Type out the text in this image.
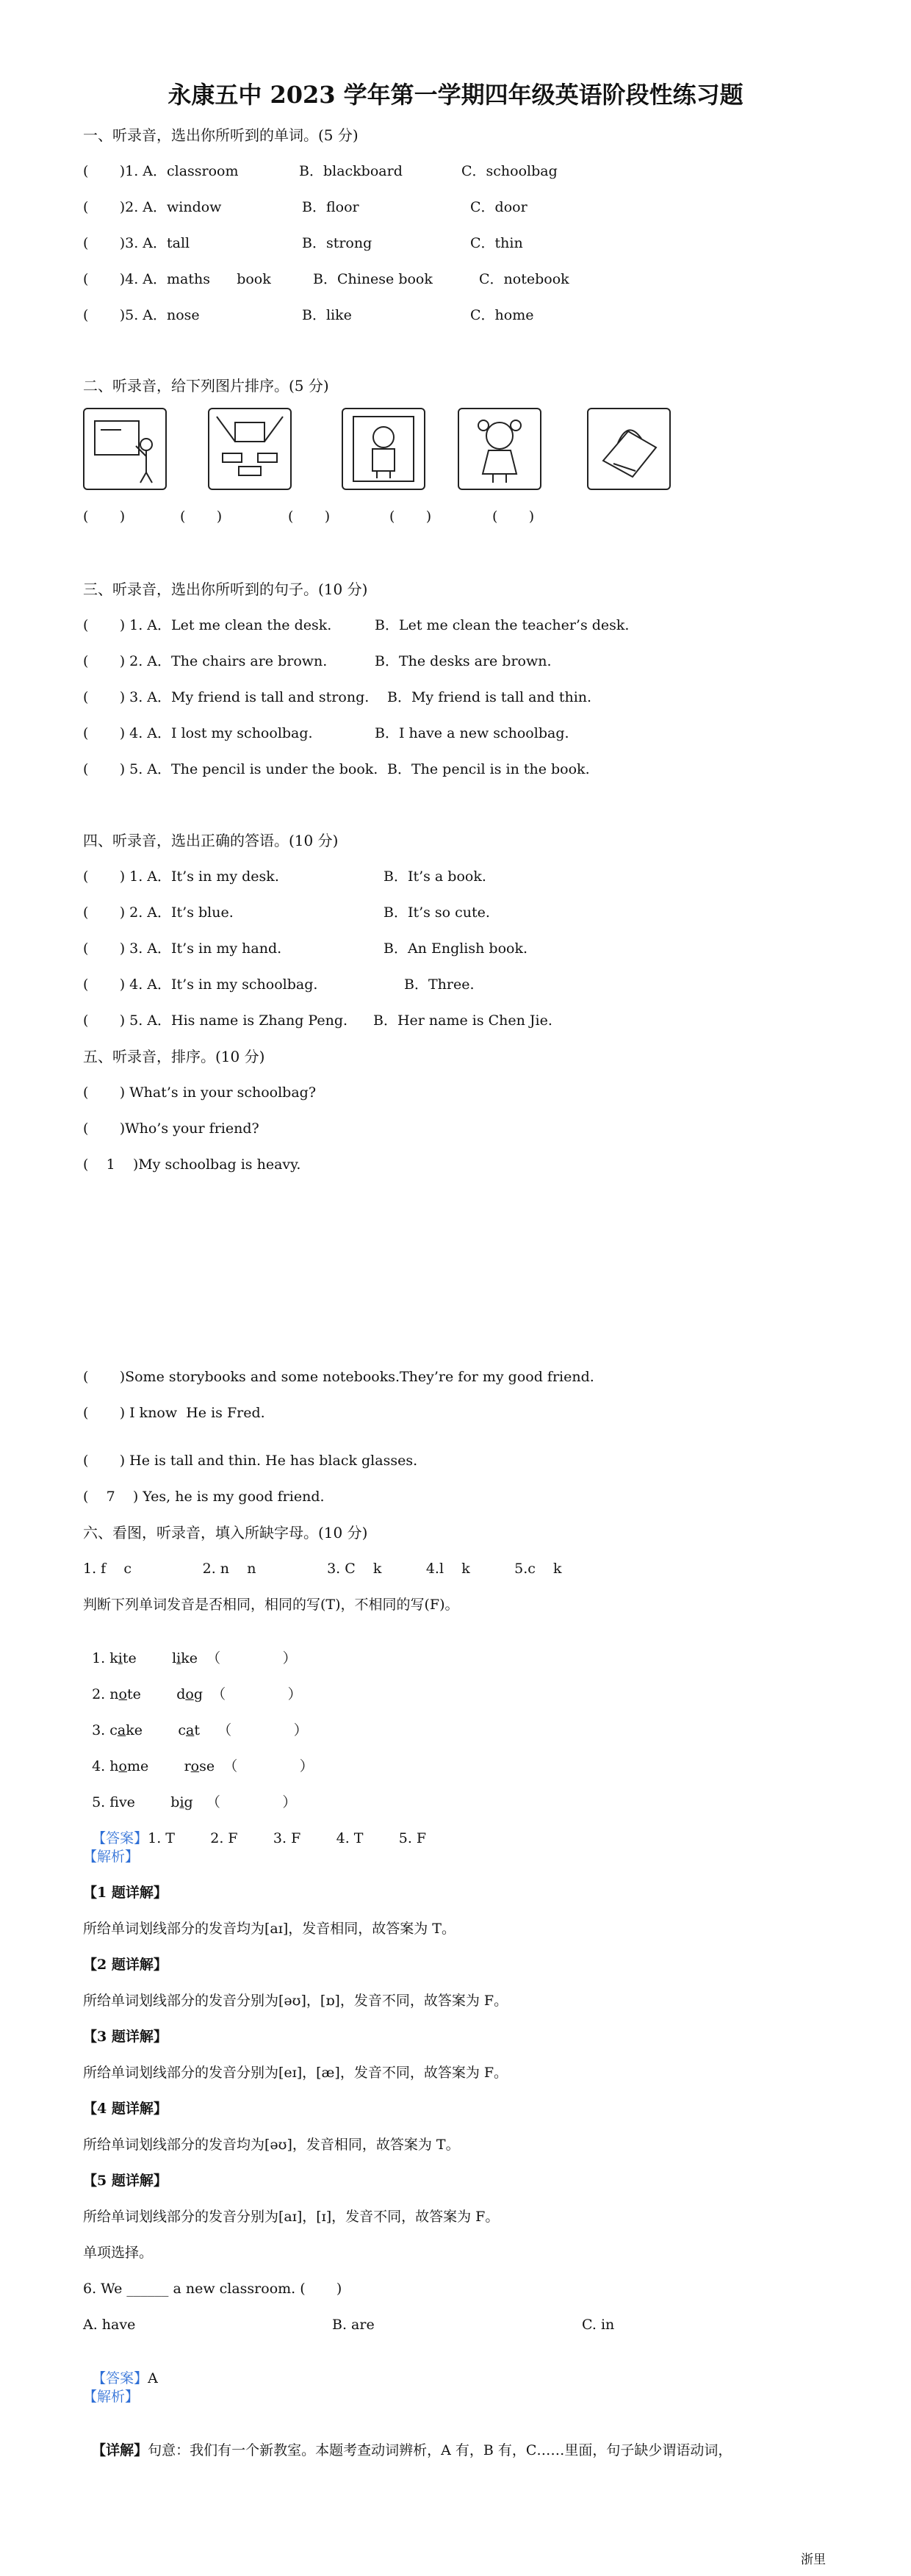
永康五中 2023 学年第一学期四年级英语阶段性练习题
一、听录音，选出你所听到的单词。(5 分)
(       )1. A．classroom	B．blackboard	C．schoolbag
(       )2. A．window	B．floor	C．door
(       )3. A．tall	B．strong	C．thin
(       )4. A．maths      book	B．Chinese book	C．notebook
(       )5. A．nose	B．like	C．home
二、听录音，给下列图片排序。(5 分)
(       )	(       )	(       )	(       )	(       )
三、听录音，选出你所听到的句子。(10 分)
(       ) 1. A．Let me clean the desk.	B．Let me clean the teacher’s desk.
(       ) 2. A．The chairs are brown.	B．The desks are brown.
(       ) 3. A．My friend is tall and strong. B．My friend is tall and thin.
(       ) 4. A．I lost my schoolbag.	B．I have a new schoolbag.
(       ) 5. A．The pencil is under the book. B．The pencil is in the book.
四、听录音，选出正确的答语。(10 分)
(       ) 1. A．It’s in my desk.	B．It’s a book.
(       ) 2. A．It’s blue.	B．It’s so cute.
(       ) 3. A．It’s in my hand.	B．An English book.
(       ) 4. A．It’s in my schoolbag.	B．Three.
(       ) 5. A．His name is Zhang Peng. B．Her name is Chen Jie.
五、听录音，排序。(10 分)
(       ) What’s in your schoolbag?
(       )Who’s your friend?
(    1    )My schoolbag is heavy.
(       )Some storybooks and some notebooks.They’re for my good friend.
(       ) I know  He is Fred.
(       ) He is tall and thin. He has black glasses.
(    7    ) Yes, he is my good friend.
六、看图，听录音，填入所缺字母。(10 分)
1. f    c                2. n    n                3. C    k          4.l    k          5.c    k
判断下列单词发音是否相同，相同的写(T)，不相同的写(F)。

1. kite	like （              ）

2. note	dog （              ）

3. cake	cat （              ）

4. home	rose （              ）

5. fve	big （              ）

【答案】1. T        2. F        3. F        4. T        5. F

【解析】
【1 题详解】
所给单词划线部分的发音均为[aɪ]，发音相同，故答案为 T。
【2 题详解】
所给单词划线部分的发音分别为[əʊ]，[ɒ]，发音不同，故答案为 F。
【3 题详解】
所给单词划线部分的发音分别为[eɪ]，[æ]，发音不同，故答案为 F。
【4 题详解】
所给单词划线部分的发音均为[əʊ]，发音相同，故答案为 T。
【5 题详解】
所给单词划线部分的发音分别为[aɪ]，[ɪ]，发音不同，故答案为 F。
单项选择。
6. We ______ a new classroom. (       )
A. have	B. are	C. in

【答案】A

【解析】

【详解】句意：我们有一个新教室。本题考查动词辨析，A 有，B 有，C……里面，句子缺少谓语动词，

浙里
